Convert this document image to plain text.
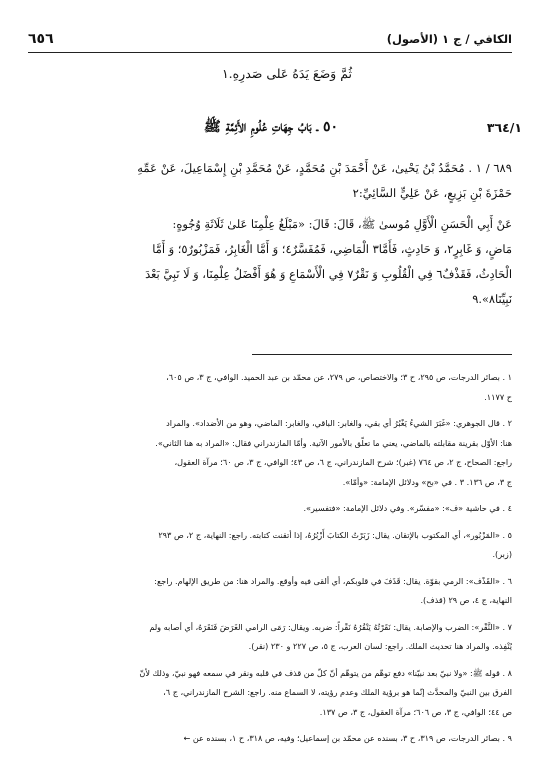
الكافي / ج ١ (الأصول)
٦٥٦
ثُمَّ وَضَعَ يَدَهُ عَلى صَدرِهِ.١
٣٦٤/١
٥٠ ـ بَابُ جِهَاتِ عُلُومِ الأَئِمَّةِ ﷺ
٦٨٩ / ١ . مُحَمَّدُ بْنُ يَحْيىٰ، عَنْ أَحْمَدَ بْنِ مُحَمَّدٍ، عَنْ مُحَمَّدِ بْنِ إِسْمَاعِيلَ، عَنْ عَمِّهِ
حَمْزَةَ بْنِ بَزِيعٍ، عَنْ عَلِيٍّ السَّائِيِّ:٢
عَنْ أَبِي الْحَسَنِ الْأَوَّلِ مُوسىٰ ﷺ، قَالَ: قَالَ: «مَبْلَغُ عِلْمِنَا عَلىٰ ثَلَاثَةِ وُجُوهٍ:
مَاضٍ، وَ غَابِرٍ٢، وَ حَادِثٍ، فَأَمَّا٣ الْمَاضِي، فَمُفَسَّرٌ٤؛ وَ أَمَّا الْغَابِرُ، فَمَزْبُورٌ٥؛ وَ أَمَّا
الْحَادِثُ، فَقَذْفٌ٦ فِي الْقُلُوبِ وَ نَقْرٌ٧ فِي الْأَسْمَاعِ وَ هُوَ أَفْضَلُ عِلْمِنَا، وَ لَا نَبِيَّ بَعْدَ
نَبِيِّنَا٨».٩
١ . بصائر الدرجات، ص ٢٩٥، ح ٣؛ والاختصاص، ص ٢٧٩، عن محمّد بن عبد الحميد. الوافي، ج ٣، ص ٦٠٥،
ح ١١٧٧.
٢ . قال الجوهري: «غَبَرَ الشيءُ يَغْبُرُ أي بقي، والغابر: الباقي، والغابر: الماضي، وهو من الأضداد». والمراد
هنا: الأوّل بقرينة مقابلته بالماضي، يعني ما تعلّق بالأمور الآتية. وأمّا المازندراني فقال: «المراد به هنا الثاني».
راجع: الصحاح، ج ٢، ص ٧٦٤ (غبر)؛ شرح المازندراني، ج ٦، ص ٤٣؛ الوافي، ج ٣، ص ٦٠؛ مرآة العقول،
ج ٣، ص ١٣٦. ٣ . في «بح» ودلائل الإمامة: «وأمّا».
٤ . في حاشية «ف»: «مفسّر». وفي دلائل الإمامة: «فتفسير».
٥ . «المَزْبُور»، أي المكتوب بالإتقان. يقال: زَبَرْتُ الكتابَ أَزْبُرُهُ، إذا أتقنت كتابته. راجع: النهاية، ج ٢، ص ٢٩٣
(زبر).
٦ . «القَذْف»: الرمي بقوّة. يقال: قَذَفَ في قلوبكم، أي ألقى فيه وأوقع. والمراد هنا: من طريق الإلهام. راجع:
النهاية، ج ٤، ص ٢٩ (قذف).
٧ . «النَّقْر»: الضرب والإصابة. يقال: نَقَرْتُهُ يَنْقُرُهُ نَقْراً: ضربه. ويقال: رَمَى الرامي الغَرَضَ فَنَقَرَهُ، أي أصابه ولم
يُنْفِذه. والمراد هنا تحديث الملك. راجع: لسان العرب، ج ٥، ص ٢٢٧ و ٢٣٠ (نقر).
٨ . قوله ﷺ: «ولا نبيّ بعد نبيّنا» دفع توهّم من يتوهّم أنّ كلّ من قذف في قلبه ونقر في سمعه فهو نبيّ، وذلك لأنّ
الفرق بين النبيّ والمحدَّث إنّما هو برؤية الملك وعدم رؤيته، لا السماع منه. راجع: الشرح المازندراني، ج ٦،
ص ٤٤؛ الوافي، ج ٣، ص ٦٠٦؛ مرآة العقول، ج ٣، ص ١٣٧.
٩ . بصائر الدرجات، ص ٣١٩، ح ٣، بسنده عن محمّد بن إسماعيل؛ وفيه، ص ٣١٨، ح ١، بسنده عن ←
